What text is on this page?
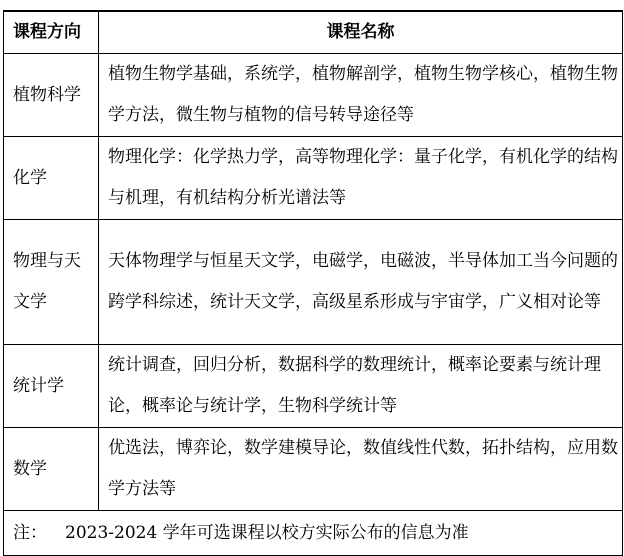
课程方向	课程名称
植物科学	植物生物学基础，系统学，植物解剖学，植物生物学核心，植物生物学方法，微生物与植物的信号转导途径等
化学	物理化学：化学热力学，高等物理化学：量子化学，有机化学的结构与机理，有机结构分析光谱法等
物理与天文学	天体物理学与恒星天文学，电磁学，电磁波，半导体加工当今问题的跨学科综述，统计天文学，高级星系形成与宇宙学，广义相对论等
统计学	统计调查，回归分析，数据科学的数理统计，概率论要素与统计理论，概率论与统计学，生物科学统计等
数学	优选法，博弈论，数学建模导论，数值线性代数，拓扑结构，应用数学方法等
注： 2023-2024 学年可选课程以校方实际公布的信息为准	
